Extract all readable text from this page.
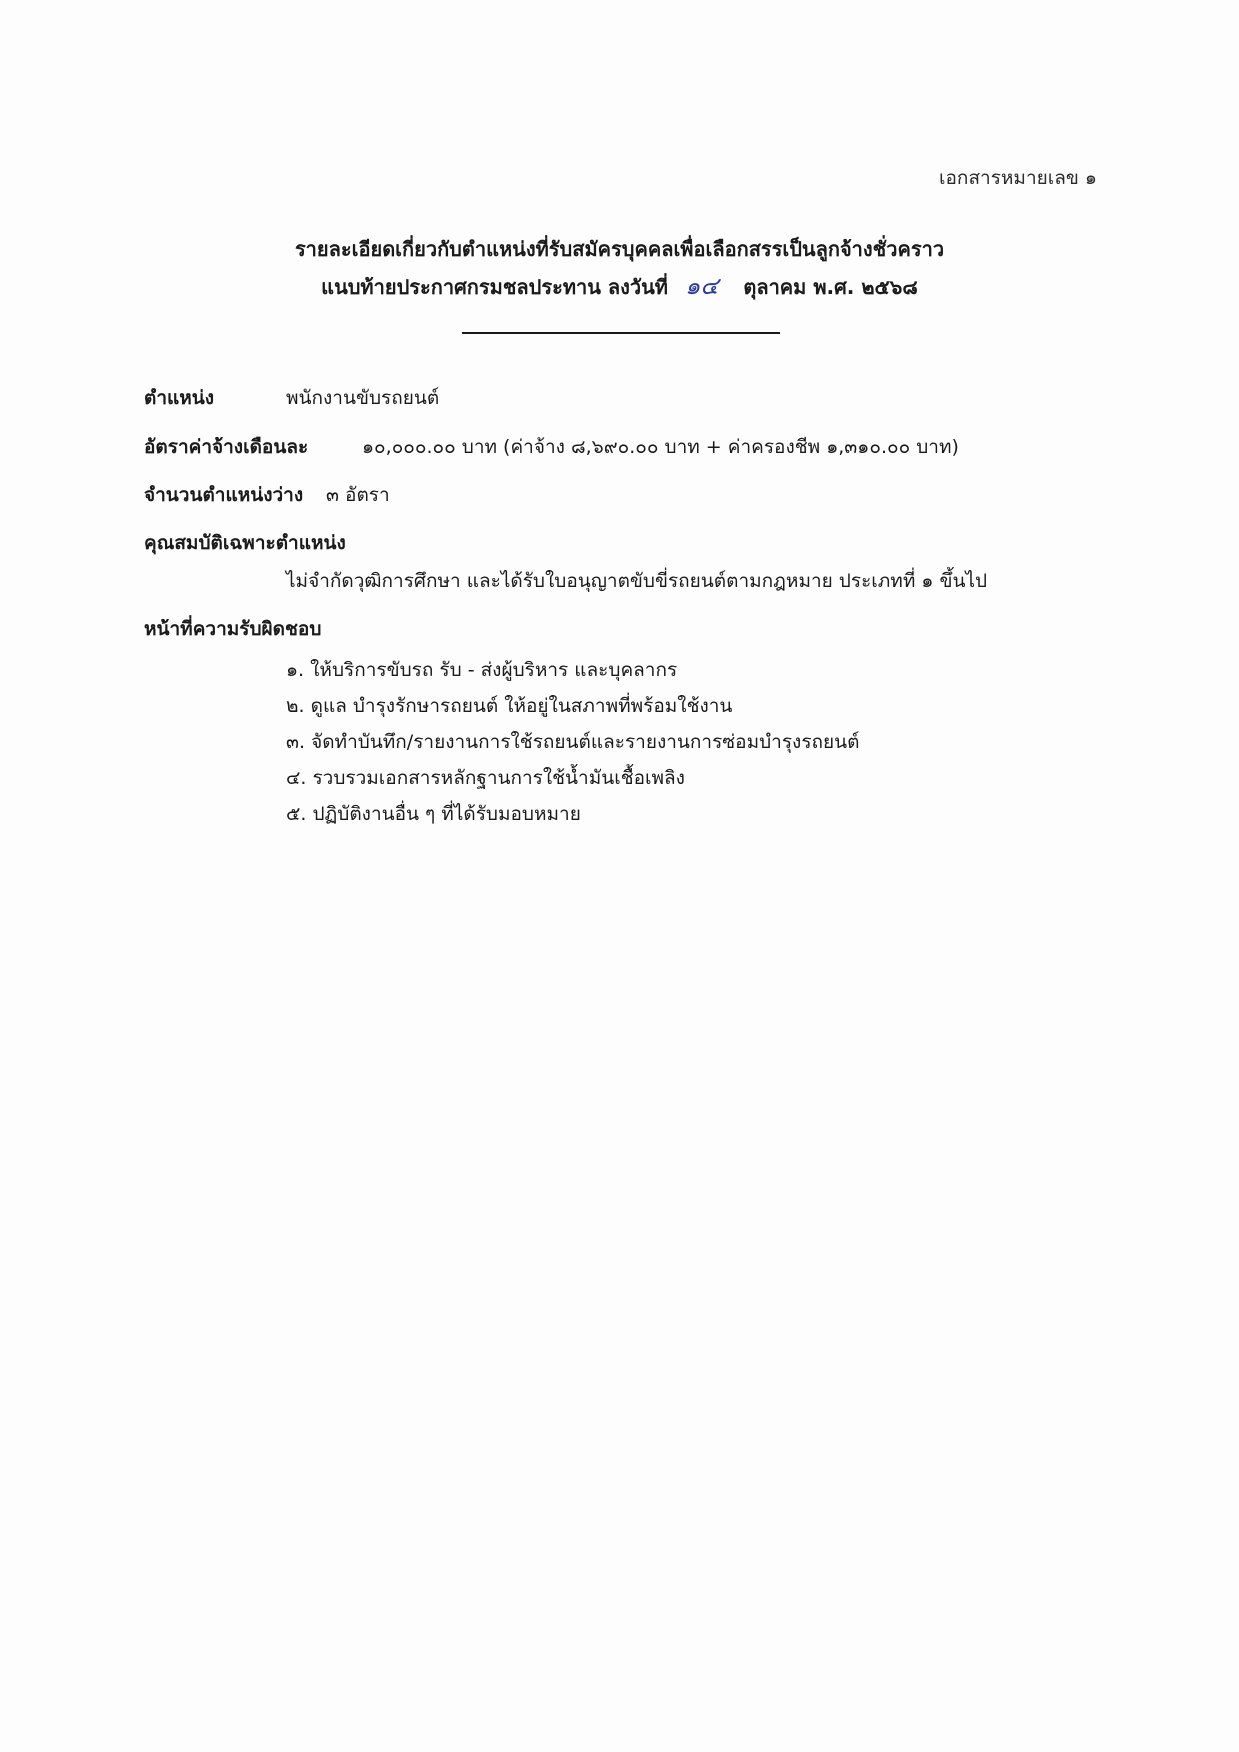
เอกสารหมายเลข ๑
รายละเอียดเกี่ยวกับตำแหน่งที่รับสมัครบุคคลเพื่อเลือกสรรเป็นลูกจ้างชั่วคราว
แนบท้ายประกาศกรมชลประทาน ลงวันที่ ๑๔ ตุลาคม พ.ศ. ๒๕๖๘
ตำแหน่ง	พนักงานขับรถยนต์
อัตราค่าจ้างเดือนละ	๑๐,๐๐๐.๐๐ บาท (ค่าจ้าง ๘,๖๙๐.๐๐ บาท + ค่าครองชีพ ๑,๓๑๐.๐๐ บาท)
จำนวนตำแหน่งว่าง ๓ อัตรา
คุณสมบัติเฉพาะตำแหน่ง
ไม่จำกัดวุฒิการศึกษา และได้รับใบอนุญาตขับขี่รถยนต์ตามกฎหมาย ประเภทที่ ๑ ขึ้นไป
หน้าที่ความรับผิดชอบ
๑. ให้บริการขับรถ รับ - ส่งผู้บริหาร และบุคลากร
๒. ดูแล บำรุงรักษารถยนต์ ให้อยู่ในสภาพที่พร้อมใช้งาน
๓. จัดทำบันทึก/รายงานการใช้รถยนต์และรายงานการซ่อมบำรุงรถยนต์
๔. รวบรวมเอกสารหลักฐานการใช้น้ำมันเชื้อเพลิง
๕. ปฏิบัติงานอื่น ๆ ที่ได้รับมอบหมาย
